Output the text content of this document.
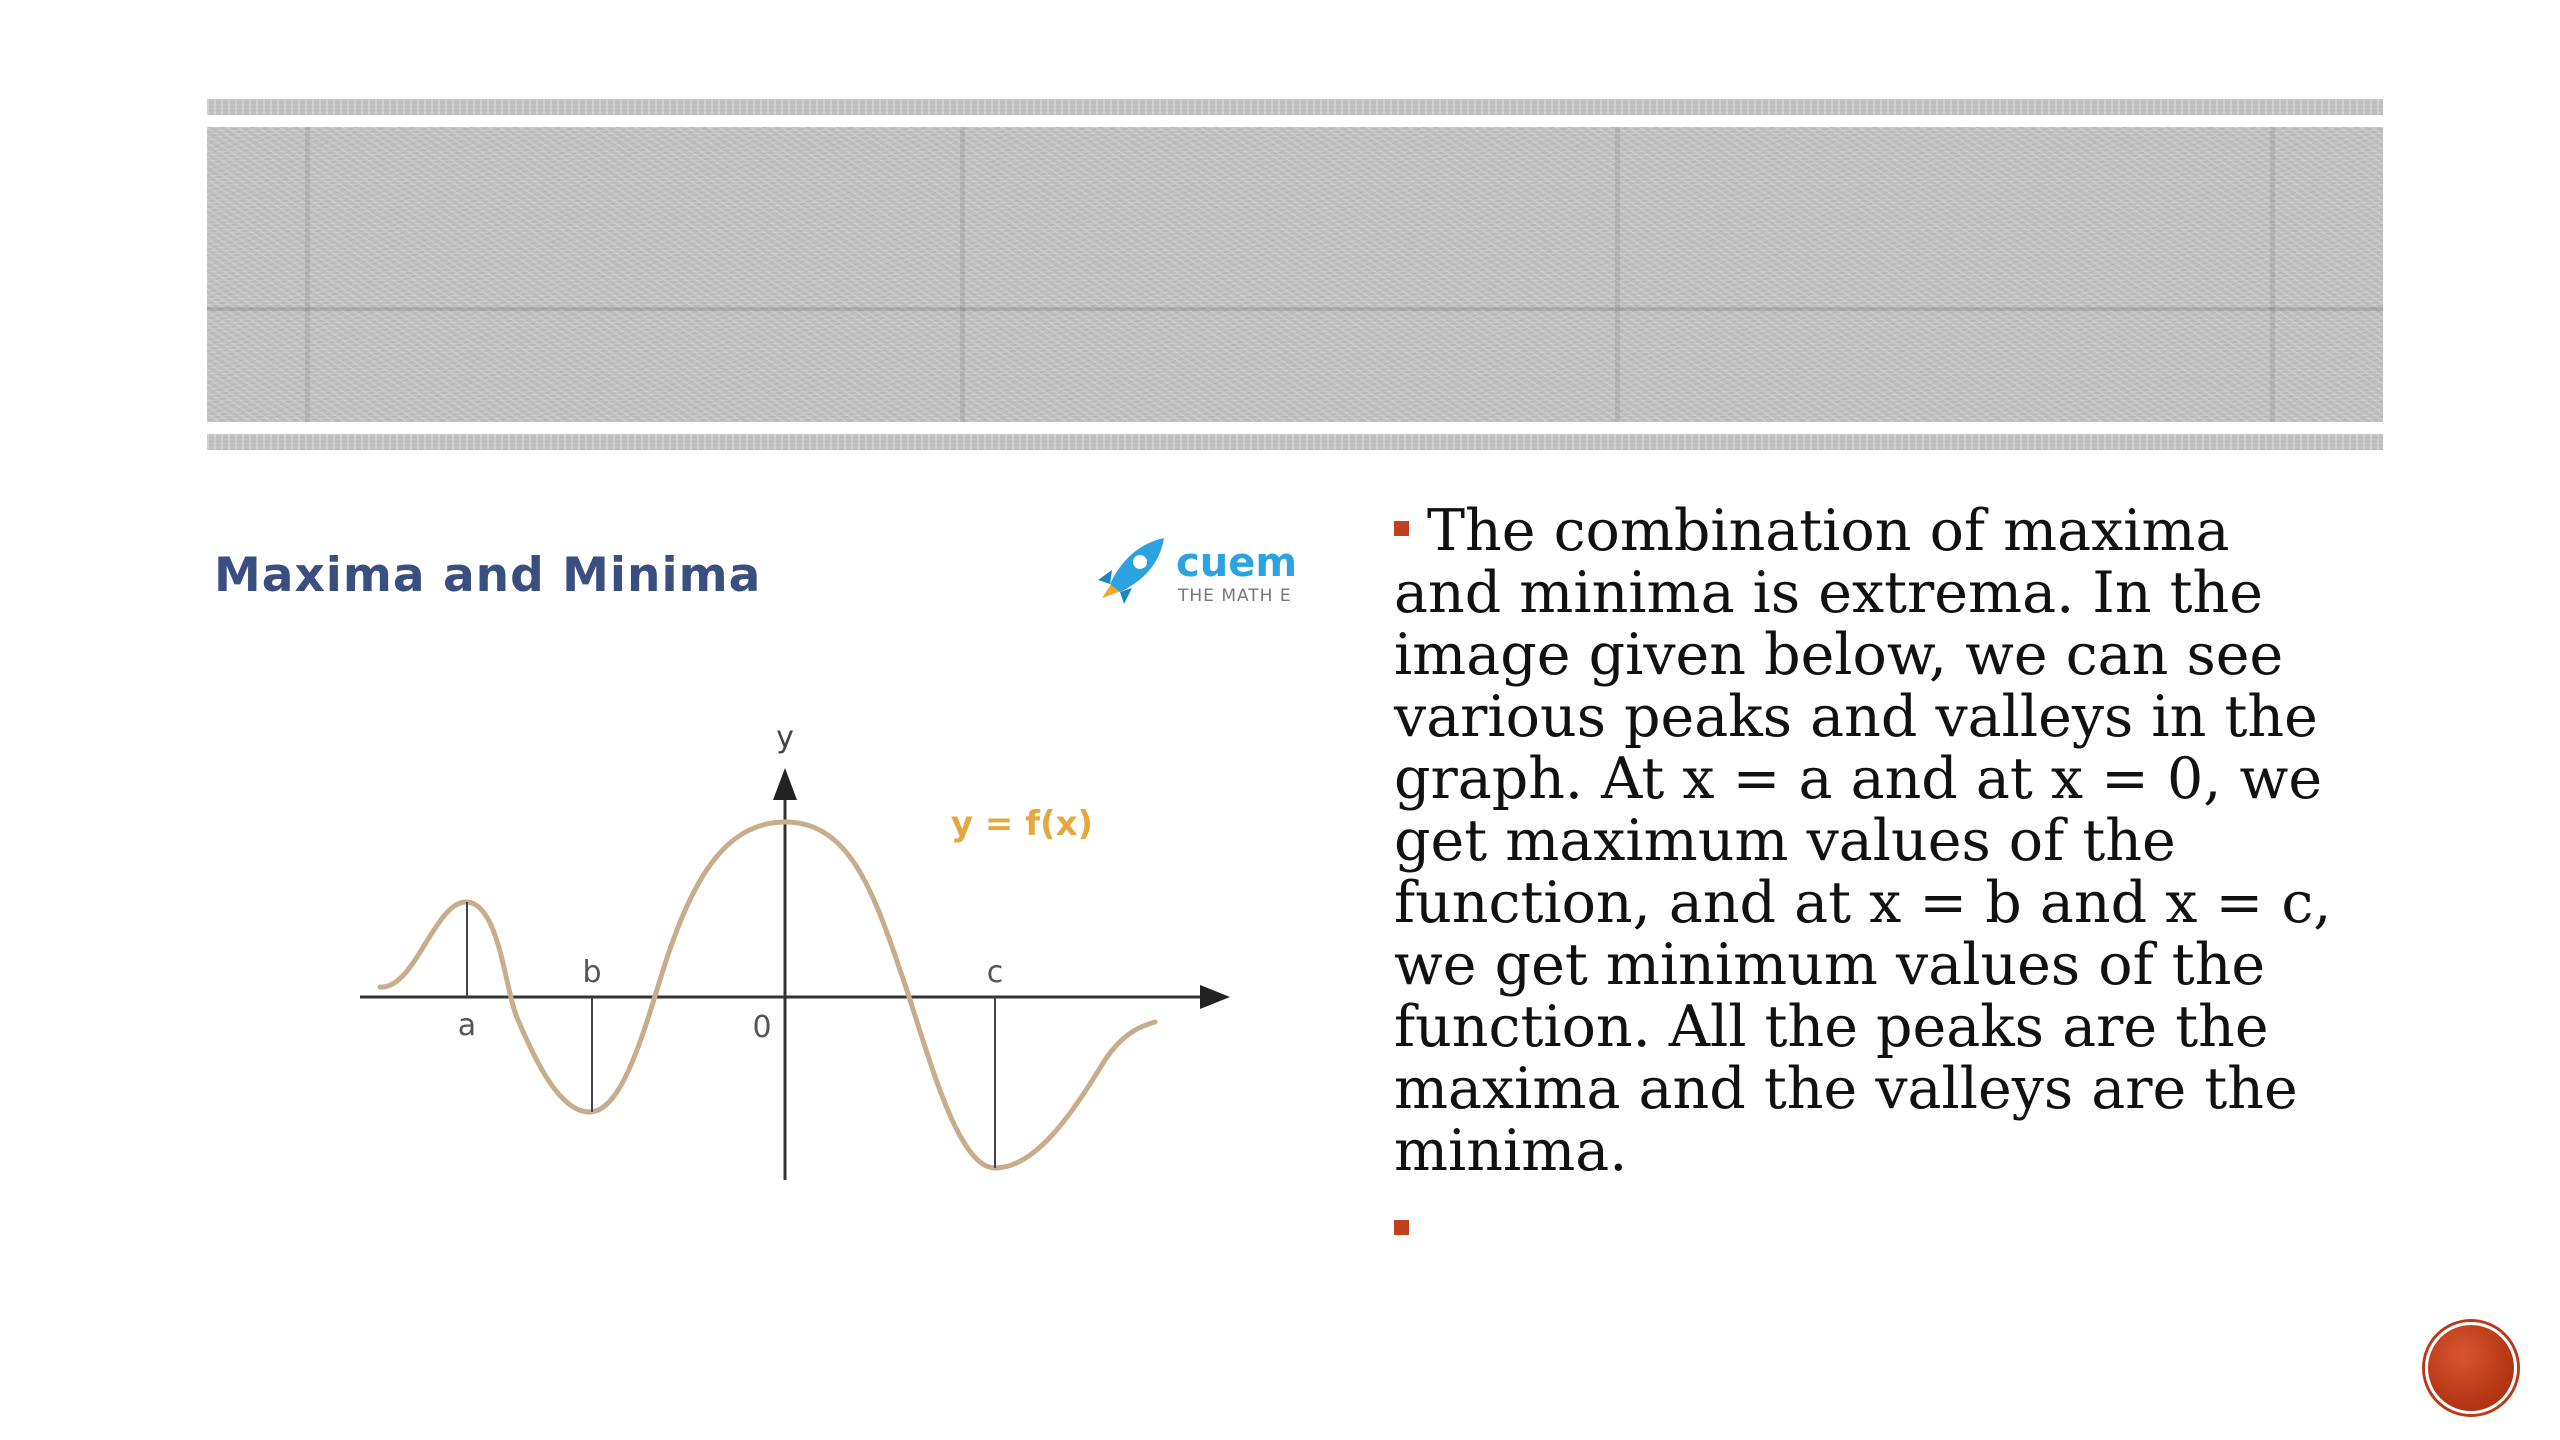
Maxima and Minima	cuem
THE MATH E
y
a
b
0
c
y = f(x)

The combination of maxima and minima is extrema. In the image given below, we can see various peaks and valleys in the graph. At x = a and at x = 0, we get maximum values of the function, and at x = b and x = c, we get minimum values of the function. All the peaks are the maxima and the valleys are the minima.
